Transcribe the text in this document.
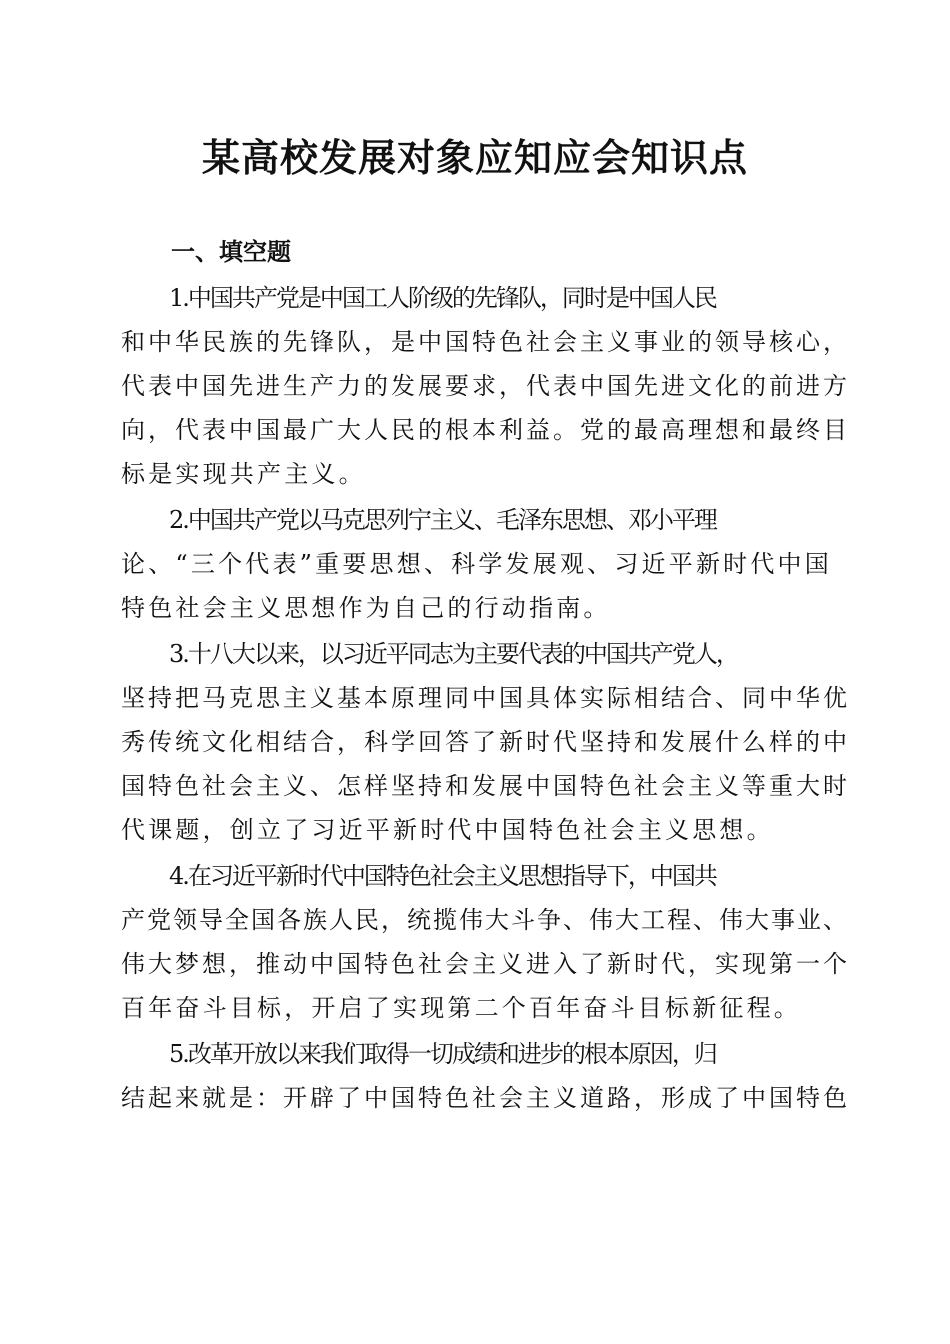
某高校发展对象应知应会知识点
一、填空题
1.中国共产党是中国工人阶级的先锋队，同时是中国人民
和中华民族的先锋队，是中国特色社会主义事业的领导核心，
代表中国先进生产力的发展要求，代表中国先进文化的前进方
向，代表中国最广大人民的根本利益。党的最高理想和最终目
标是实现共产主义。
2.中国共产党以马克思列宁主义、毛泽东思想、邓小平理
论、“三个代表”重要思想、科学发展观、习近平新时代中国
特色社会主义思想作为自己的行动指南。
3.十八大以来，以习近平同志为主要代表的中国共产党人，
坚持把马克思主义基本原理同中国具体实际相结合、同中华优
秀传统文化相结合，科学回答了新时代坚持和发展什么样的中
国特色社会主义、怎样坚持和发展中国特色社会主义等重大时
代课题，创立了习近平新时代中国特色社会主义思想。
4.在习近平新时代中国特色社会主义思想指导下，中国共
产党领导全国各族人民，统揽伟大斗争、伟大工程、伟大事业、
伟大梦想，推动中国特色社会主义进入了新时代，实现第一个
百年奋斗目标，开启了实现第二个百年奋斗目标新征程。
5.改革开放以来我们取得一切成绩和进步的根本原因，归
结起来就是：开辟了中国特色社会主义道路，形成了中国特色
